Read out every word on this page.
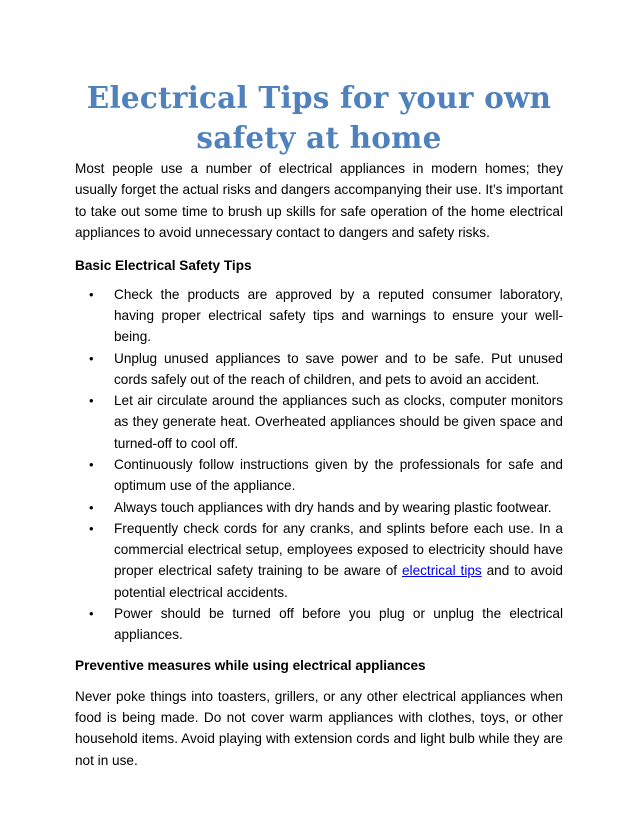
Electrical Tips for your own
safety at home

Most people use a number of electrical appliances in modern homes; they usually forget the actual risks and dangers accompanying their use. It’s important to take out some time to brush up skills for safe operation of the home electrical appliances to avoid unnecessary contact to dangers and safety risks.

Basic Electrical Safety Tips

• Check the products are approved by a reputed consumer laboratory, having proper electrical safety tips and warnings to ensure your well-being.
• Unplug unused appliances to save power and to be safe. Put unused cords safely out of the reach of children, and pets to avoid an accident.
• Let air circulate around the appliances such as clocks, computer monitors as they generate heat. Overheated appliances should be given space and turned-off to cool off.
• Continuously follow instructions given by the professionals for safe and optimum use of the appliance.
• Always touch appliances with dry hands and by wearing plastic footwear.
• Frequently check cords for any cranks, and splints before each use. In a commercial electrical setup, employees exposed to electricity should have proper electrical safety training to be aware of electrical tips and to avoid potential electrical accidents.
• Power should be turned off before you plug or unplug the electrical appliances.

Preventive measures while using electrical appliances

Never poke things into toasters, grillers, or any other electrical appliances when food is being made. Do not cover warm appliances with clothes, toys, or other household items. Avoid playing with extension cords and light bulb while they are not in use.
